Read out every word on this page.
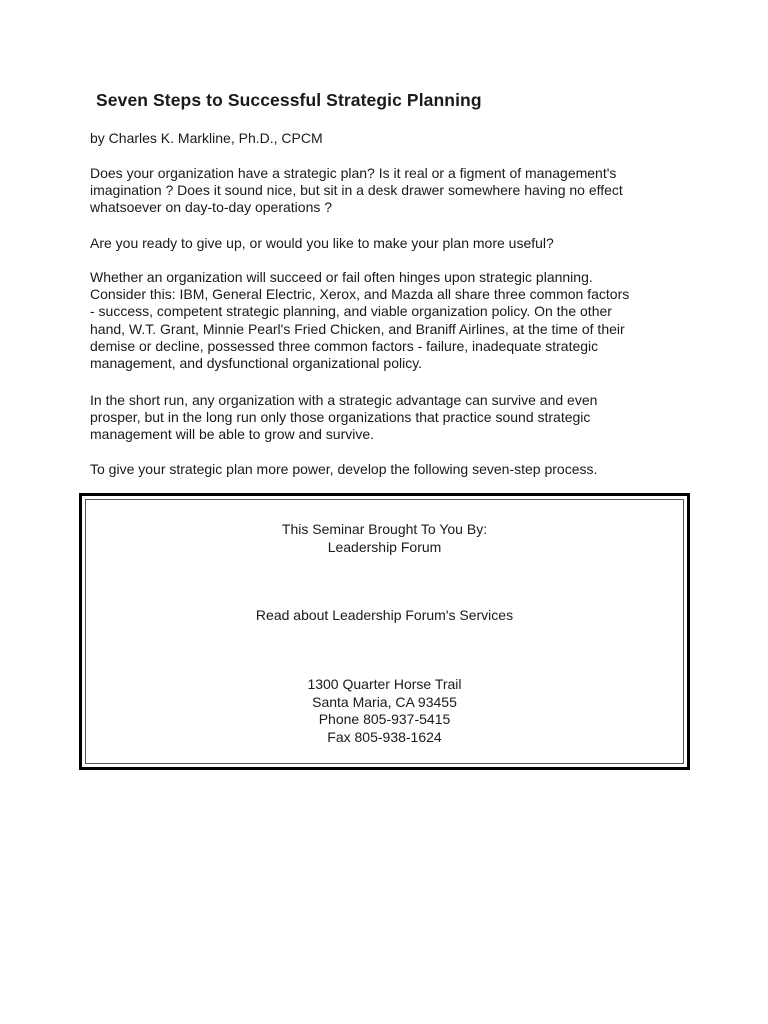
Seven Steps to Successful Strategic Planning

by Charles K. Markline, Ph.D., CPCM

Does your organization have a strategic plan? Is it real or a figment of management's
imagination ? Does it sound nice, but sit in a desk drawer somewhere having no effect
whatsoever on day-to-day operations ?

Are you ready to give up, or would you like to make your plan more useful?

Whether an organization will succeed or fail often hinges upon strategic planning.
Consider this: IBM, General Electric, Xerox, and Mazda all share three common factors
- success, competent strategic planning, and viable organization policy. On the other
hand, W.T. Grant, Minnie Pearl's Fried Chicken, and Braniff Airlines, at the time of their
demise or decline, possessed three common factors - failure, inadequate strategic
management, and dysfunctional organizational policy.

In the short run, any organization with a strategic advantage can survive and even
prosper, but in the long run only those organizations that practice sound strategic
management will be able to grow and survive.

To give your strategic plan more power, develop the following seven-step process.

This Seminar Brought To You By:
Leadership Forum

Read about Leadership Forum's Services

1300 Quarter Horse Trail
Santa Maria, CA 93455
Phone 805-937-5415
Fax 805-938-1624
